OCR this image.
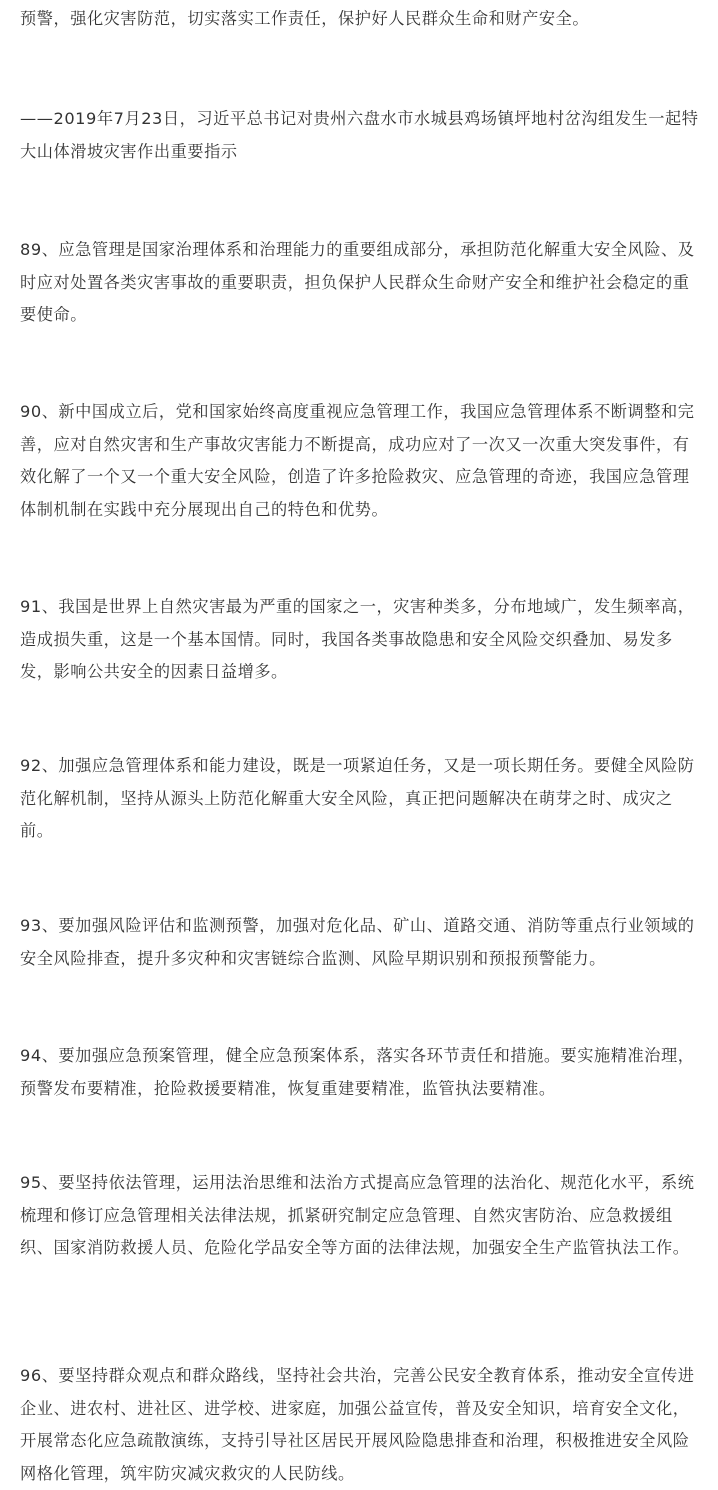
预警，强化灾害防范，切实落实工作责任，保护好人民群众生命和财产安全。

——2019年7月23日，习近平总书记对贵州六盘水市水城县鸡场镇坪地村岔沟组发生一起特大山体滑坡灾害作出重要指示

89、应急管理是国家治理体系和治理能力的重要组成部分，承担防范化解重大安全风险、及时应对处置各类灾害事故的重要职责，担负保护人民群众生命财产安全和维护社会稳定的重要使命。

90、新中国成立后，党和国家始终高度重视应急管理工作，我国应急管理体系不断调整和完善，应对自然灾害和生产事故灾害能力不断提高，成功应对了一次又一次重大突发事件，有效化解了一个又一个重大安全风险，创造了许多抢险救灾、应急管理的奇迹，我国应急管理体制机制在实践中充分展现出自己的特色和优势。

91、我国是世界上自然灾害最为严重的国家之一，灾害种类多，分布地域广，发生频率高，造成损失重，这是一个基本国情。同时，我国各类事故隐患和安全风险交织叠加、易发多发，影响公共安全的因素日益增多。

92、加强应急管理体系和能力建设，既是一项紧迫任务，又是一项长期任务。要健全风险防范化解机制，坚持从源头上防范化解重大安全风险，真正把问题解决在萌芽之时、成灾之前。

93、要加强风险评估和监测预警，加强对危化品、矿山、道路交通、消防等重点行业领域的安全风险排查，提升多灾种和灾害链综合监测、风险早期识别和预报预警能力。

94、要加强应急预案管理，健全应急预案体系，落实各环节责任和措施。要实施精准治理，预警发布要精准，抢险救援要精准，恢复重建要精准，监管执法要精准。

95、要坚持依法管理，运用法治思维和法治方式提高应急管理的法治化、规范化水平，系统梳理和修订应急管理相关法律法规，抓紧研究制定应急管理、自然灾害防治、应急救援组织、国家消防救援人员、危险化学品安全等方面的法律法规，加强安全生产监管执法工作。

96、要坚持群众观点和群众路线，坚持社会共治，完善公民安全教育体系，推动安全宣传进企业、进农村、进社区、进学校、进家庭，加强公益宣传，普及安全知识，培育安全文化，开展常态化应急疏散演练，支持引导社区居民开展风险隐患排查和治理，积极推进安全风险网格化管理，筑牢防灾减灾救灾的人民防线。
